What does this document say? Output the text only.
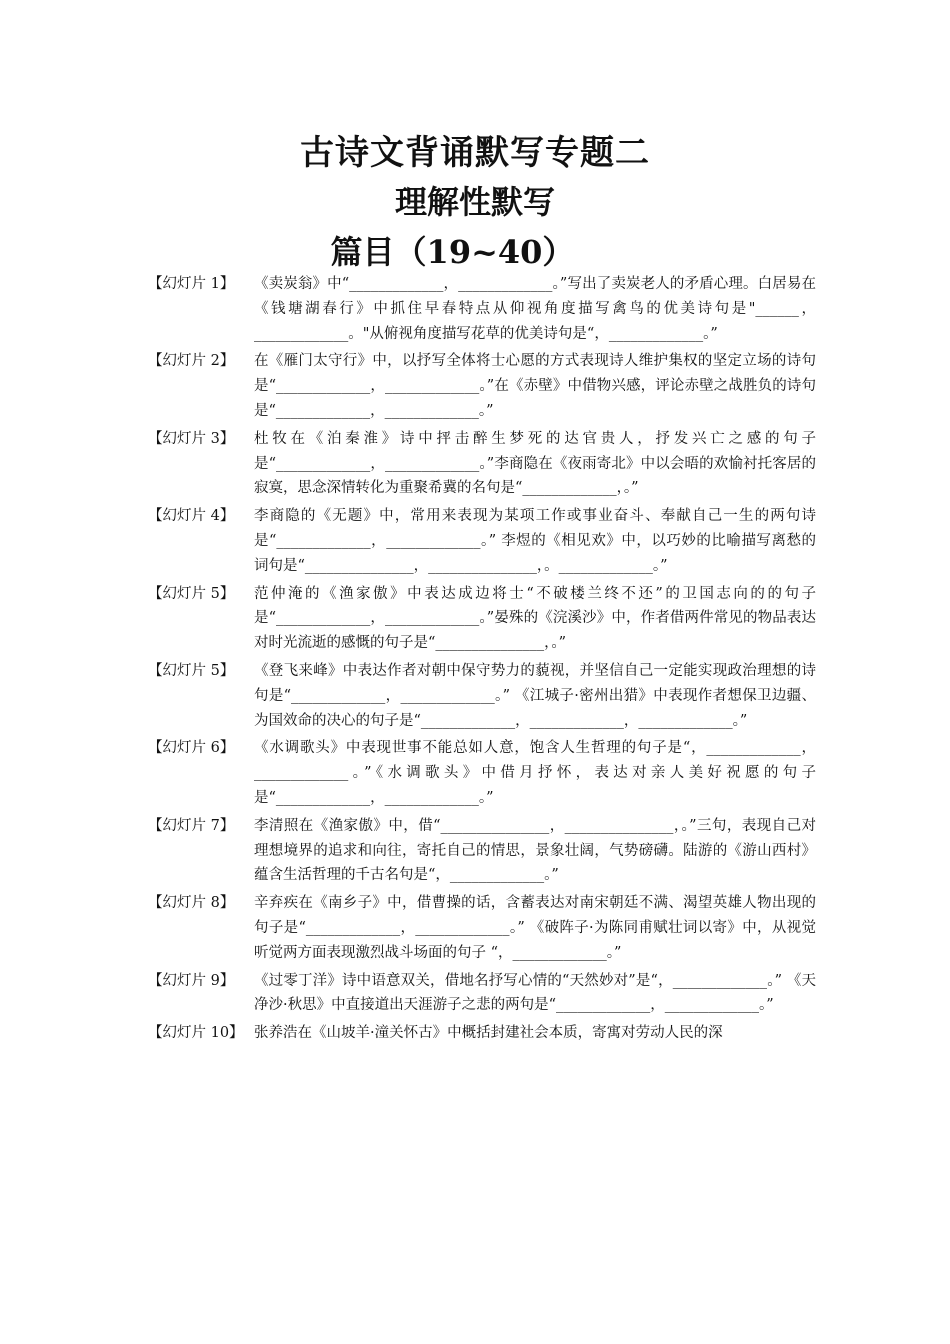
古诗文背诵默写专题二
理解性默写
篇目（19~40）
【幻灯片 1】	《卖炭翁》中“_____________，_____________。”写出了卖炭老人的矛盾心理。白居易在《钱塘湖春行》中抓住早春特点从仰视角度描写禽鸟的优美诗句是"______，_____________。"从俯视角度描写花草的优美诗句是“，_____________。”
【幻灯片 2】	在《雁门太守行》中，以抒写全体将士心愿的方式表现诗人维护集权的坚定立场的诗句是“_____________，_____________。”在《赤壁》中借物兴感，评论赤壁之战胜负的诗句是“_____________，_____________。”
【幻灯片 3】	杜牧在《泊秦淮》诗中抨击醉生梦死的达官贵人，抒发兴亡之感的句子是“_____________，_____________。”李商隐在《夜雨寄北》中以会晤的欢愉衬托客居的寂寞，思念深情转化为重聚希冀的名句是“_____________，。”
【幻灯片 4】	李商隐的《无题》中，常用来表现为某项工作或事业奋斗、奉献自己一生的两句诗是“_____________，_____________。” 李煜的《相见欢》中，以巧妙的比喻描写离愁的词句是“_______________，_______________，。_____________。”
【幻灯片 5】	范仲淹的《渔家傲》中表达成边将士“不破楼兰终不还”的卫国志向的的句子是“_____________，_____________。”晏殊的《浣溪沙》中，作者借两件常见的物品表达对时光流逝的感慨的句子是“_______________，。”
【幻灯片 5】	《登飞来峰》中表达作者对朝中保守势力的藐视，并坚信自己一定能实现政治理想的诗句是“_____________，_____________。” 《江城子·密州出猎》中表现作者想保卫边疆、为国效命的决心的句子是“_____________，_____________，_____________。”
【幻灯片 6】	《水调歌头》中表现世事不能总如人意，饱含人生哲理的句子是“，_____________，_____________。”《水调歌头》中借月抒怀，表达对亲人美好祝愿的句子是“_____________，_____________。”
【幻灯片 7】	李清照在《渔家傲》中，借“_______________，_______________，。”三句，表现自己对理想境界的追求和向往，寄托自己的情思，景象壮阔，气势磅礴。陆游的《游山西村》蕴含生活哲理的千古名句是“，_____________。”
【幻灯片 8】	辛弃疾在《南乡子》中，借曹操的话，含蓄表达对南宋朝廷不满、渴望英雄人物出现的句子是“_____________，_____________。” 《破阵子·为陈同甫赋壮词以寄》中，从视觉听觉两方面表现激烈战斗场面的句子 “，_____________。”
【幻灯片 9】	《过零丁洋》诗中语意双关，借地名抒写心情的“天然妙对”是“，_____________。” 《天净沙·秋思》中直接道出天涯游子之悲的两句是“_____________，_____________。”
【幻灯片 10】 张养浩在《山坡羊·潼关怀古》中概括封建社会本质，寄寓对劳动人民的深
